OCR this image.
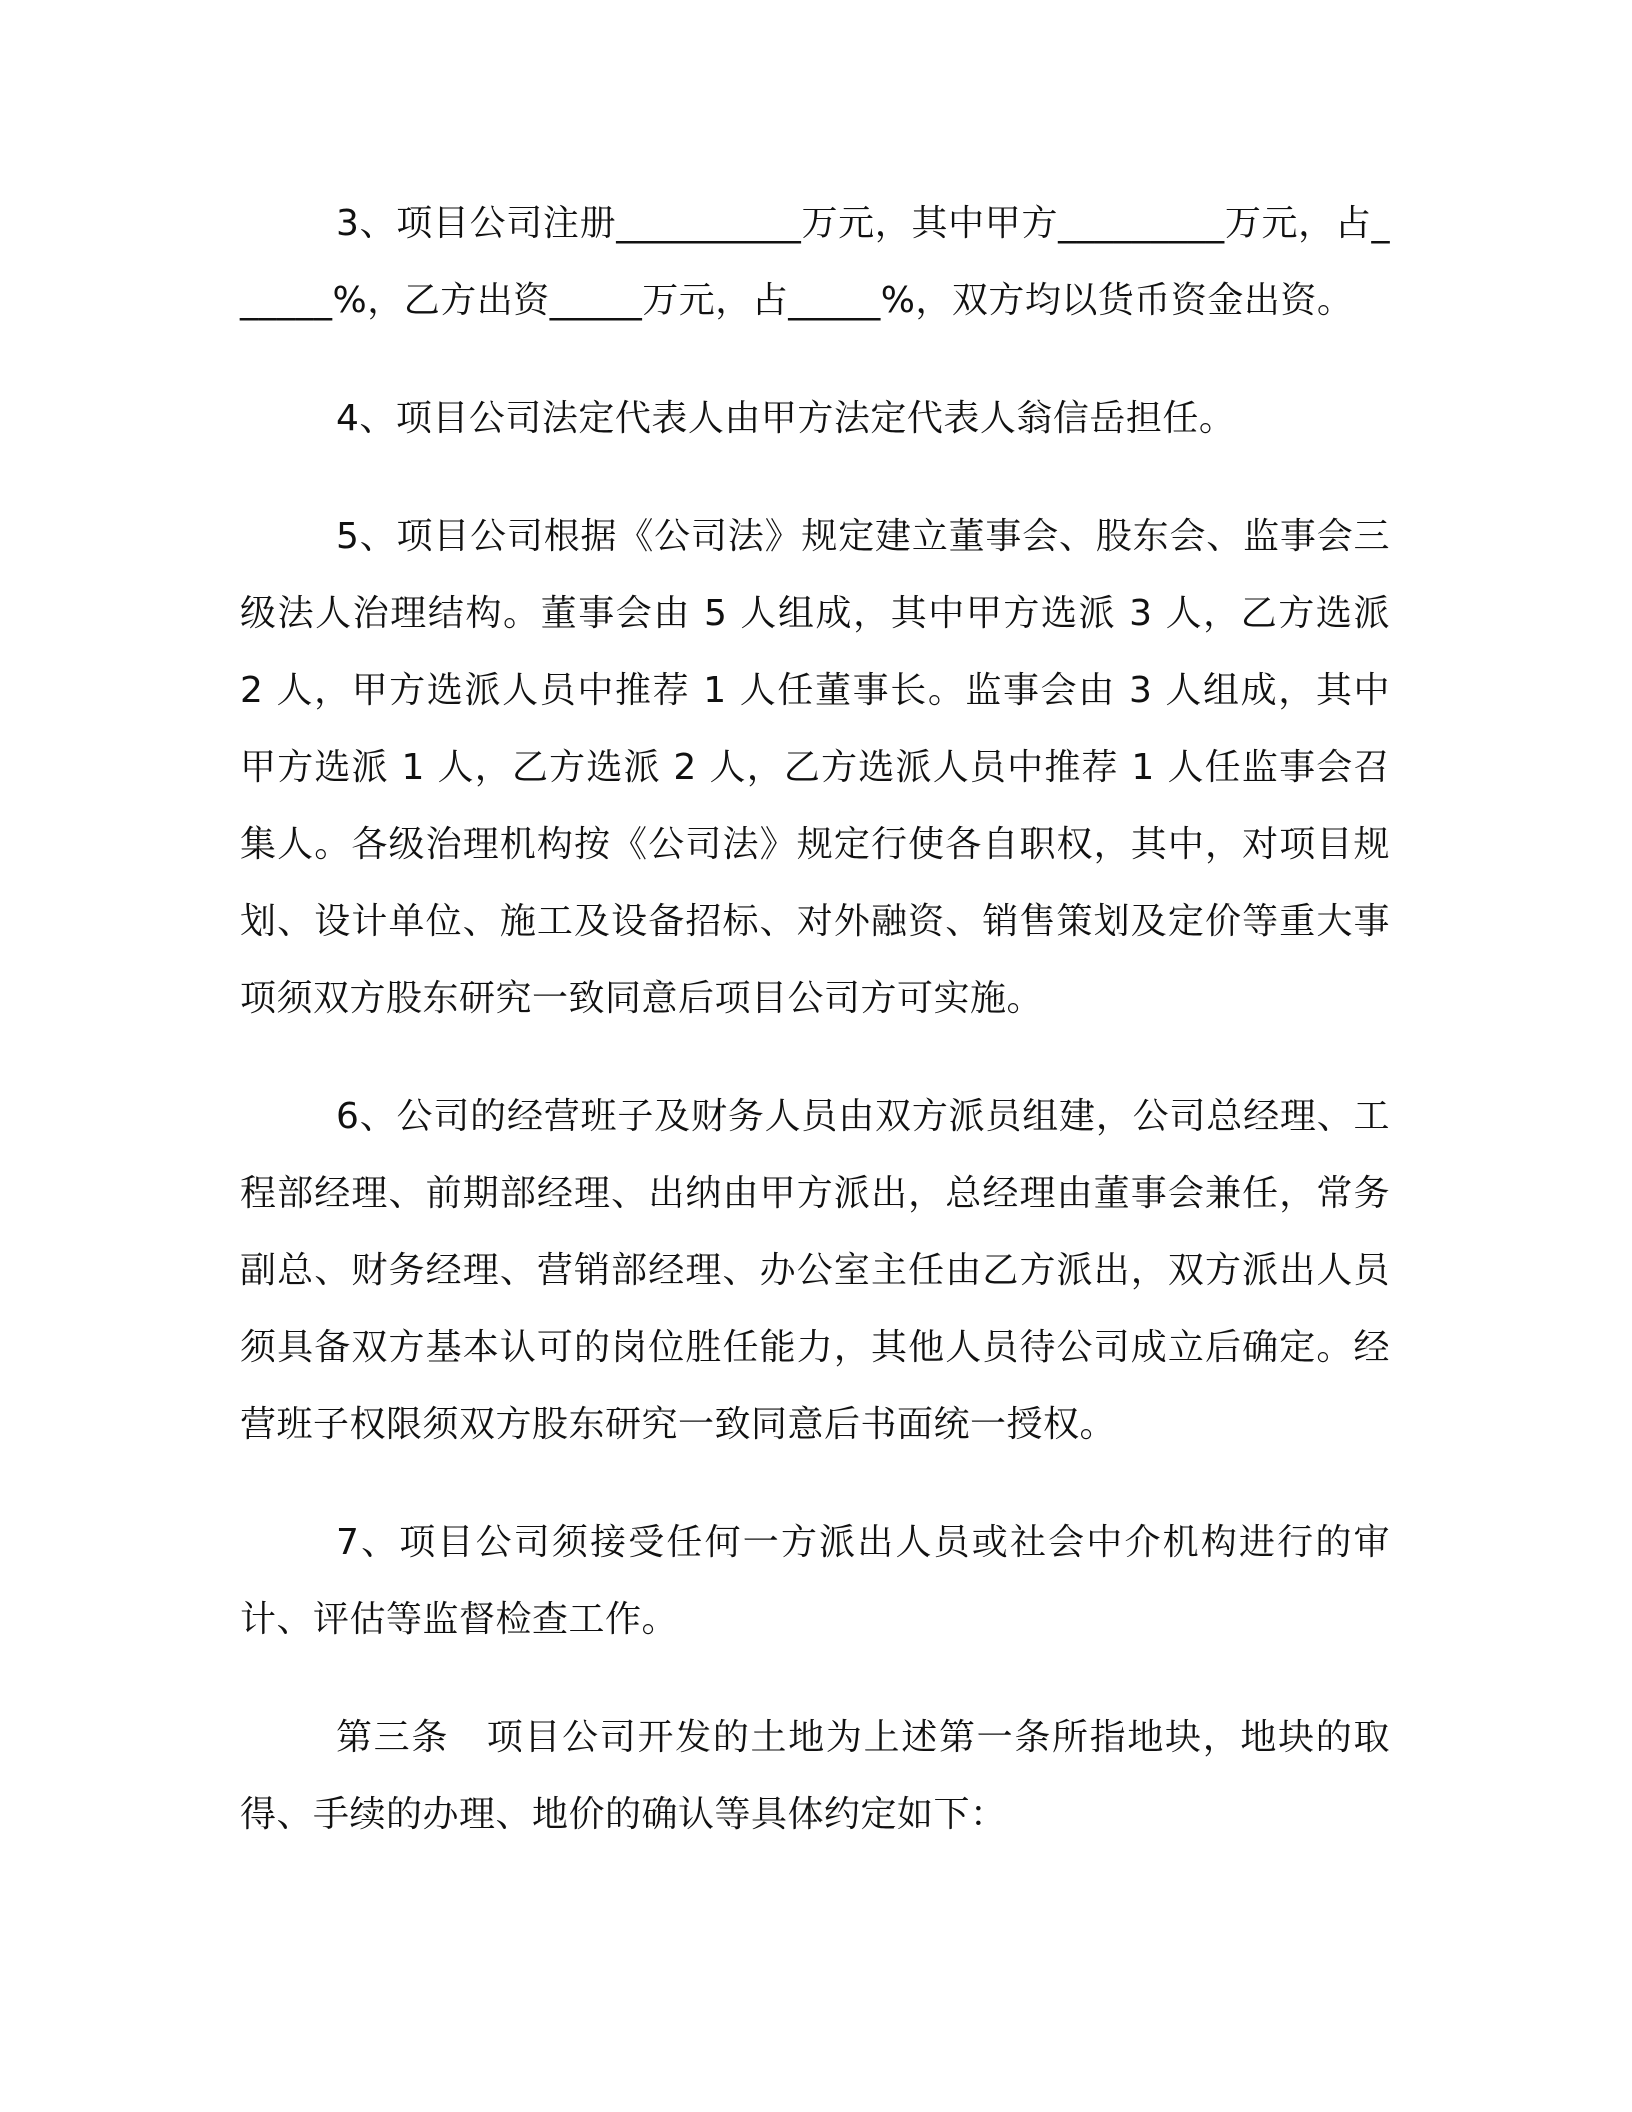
3、项目公司注册__________万元，其中甲方_________万元，占______%，乙方出资_____万元，占_____%，双方均以货币资金出资。

4、项目公司法定代表人由甲方法定代表人翁信岳担任。

5、项目公司根据《公司法》规定建立董事会、股东会、监事会三级法人治理结构。董事会由 5 人组成，其中甲方选派 3 人，乙方选派 2 人，甲方选派人员中推荐 1 人任董事长。监事会由 3 人组成，其中甲方选派 1 人，乙方选派 2 人，乙方选派人员中推荐 1 人任监事会召集人。各级治理机构按《公司法》规定行使各自职权，其中，对项目规划、设计单位、施工及设备招标、对外融资、销售策划及定价等重大事项须双方股东研究一致同意后项目公司方可实施。

6、公司的经营班子及财务人员由双方派员组建，公司总经理、工程部经理、前期部经理、出纳由甲方派出，总经理由董事会兼任，常务副总、财务经理、营销部经理、办公室主任由乙方派出，双方派出人员须具备双方基本认可的岗位胜任能力，其他人员待公司成立后确定。经营班子权限须双方股东研究一致同意后书面统一授权。

7、项目公司须接受任何一方派出人员或社会中介机构进行的审计、评估等监督检查工作。

第三条　项目公司开发的土地为上述第一条所指地块，地块的取得、手续的办理、地价的确认等具体约定如下：
